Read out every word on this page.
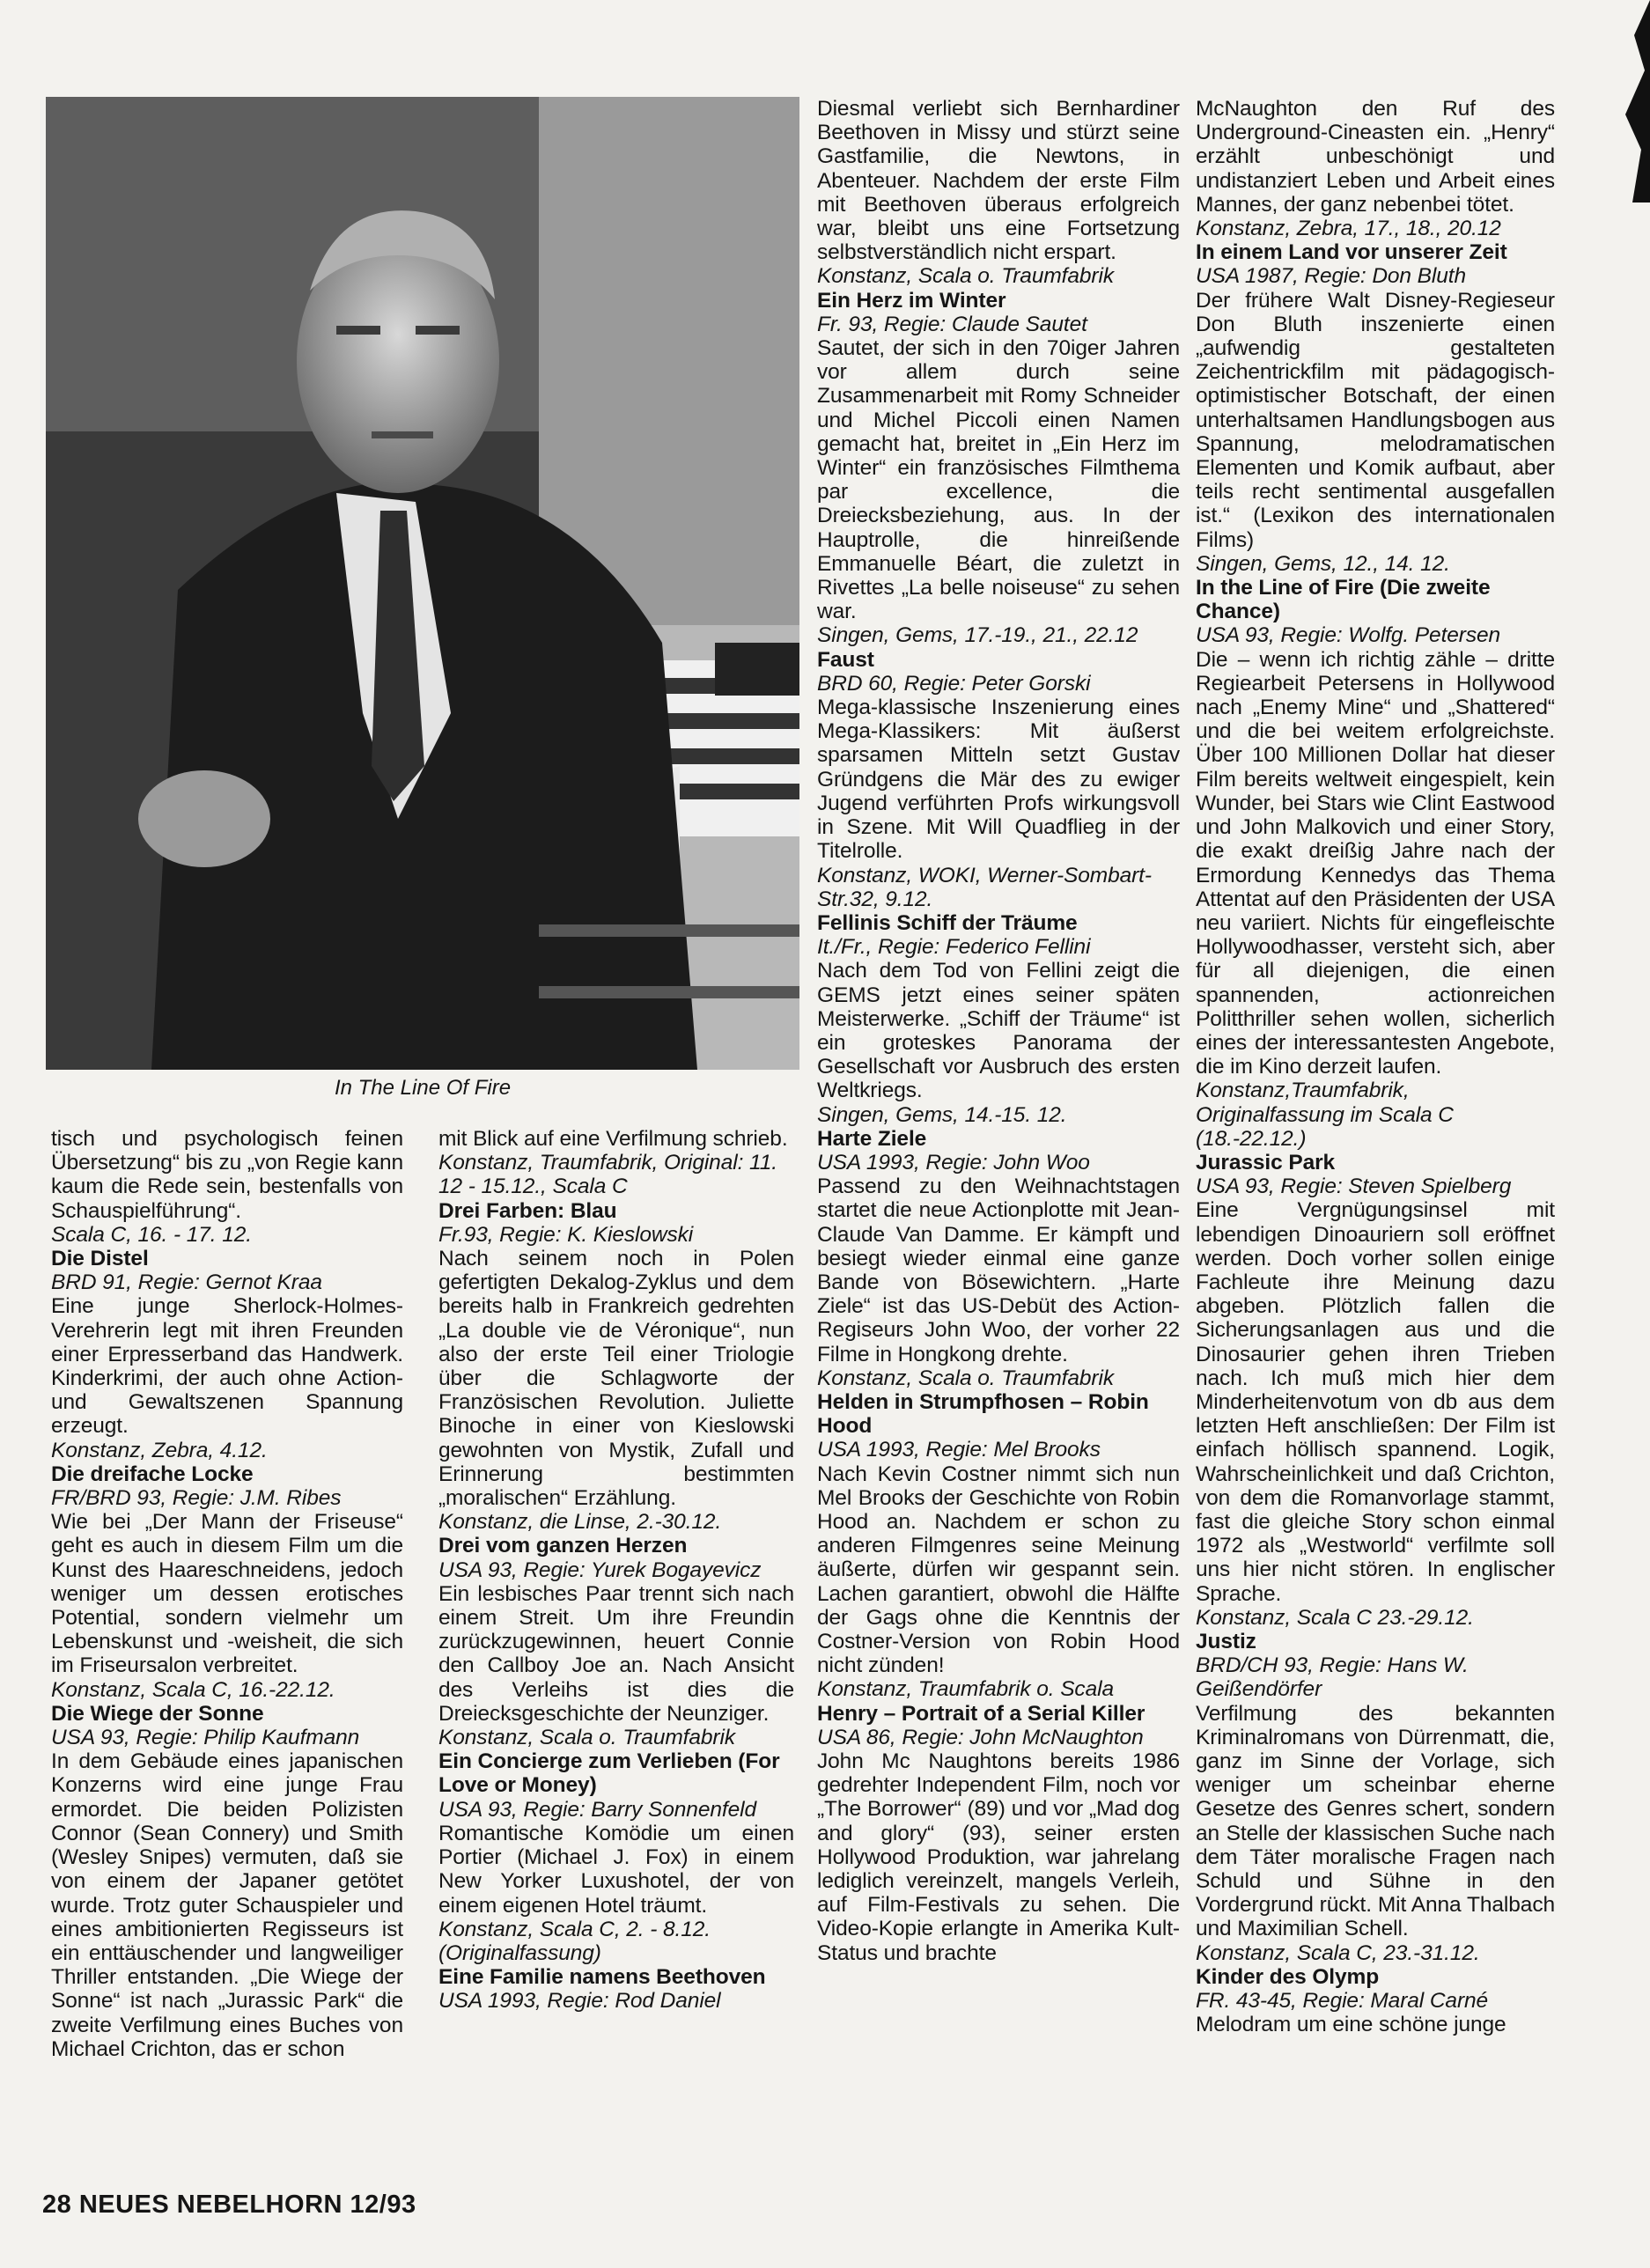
In The Line Of Fire

tisch und psychologisch feinen Übersetzung“ bis zu „von Regie kann kaum die Rede sein, bestenfalls von Schauspielführung“.

Scala C, 16. - 17. 12.

Die Distel

BRD 91, Regie: Gernot Kraa

Eine junge Sherlock-Holmes-Verehrerin legt mit ihren Freunden einer Erpresserband das Handwerk. Kinderkrimi, der auch ohne Action- und Gewaltszenen Spannung erzeugt.

Konstanz, Zebra, 4.12.

Die dreifache Locke

FR/BRD 93, Regie: J.M. Ribes

Wie bei „Der Mann der Friseuse“ geht es auch in diesem Film um die Kunst des Haareschneidens, jedoch weniger um dessen erotisches Potential, sondern vielmehr um Lebenskunst und -weisheit, die sich im Friseursalon verbreitet.

Konstanz, Scala C, 16.-22.12.

Die Wiege der Sonne

USA 93, Regie: Philip Kaufmann

In dem Gebäude eines japanischen Konzerns wird eine junge Frau ermordet. Die beiden Polizisten Connor (Sean Connery) und Smith (Wesley Snipes) vermuten, daß sie von einem der Japaner getötet wurde. Trotz guter Schauspieler und eines ambitionierten Regisseurs ist ein enttäuschender und langweiliger Thriller entstanden. „Die Wiege der Sonne“ ist nach „Jurassic Park“ die zweite Verfilmung eines Buches von Michael Crichton, das er schon

mit Blick auf eine Verfilmung schrieb.

Konstanz, Traumfabrik, Original: 11. 12 - 15.12., Scala C

Drei Farben: Blau

Fr.93, Regie: K. Kieslowski

Nach seinem noch in Polen gefertigten Dekalog-Zyklus und dem bereits halb in Frankreich gedrehten „La double vie de Véronique“, nun also der erste Teil einer Triologie über die Schlagworte der Französischen Revolution. Juliette Binoche in einer von Kieslowski gewohnten von Mystik, Zufall und Erinnerung bestimmten „moralischen“ Erzählung.

Konstanz, die Linse, 2.-30.12.

Drei vom ganzen Herzen

USA 93, Regie: Yurek Bogayevicz

Ein lesbisches Paar trennt sich nach einem Streit. Um ihre Freundin zurückzugewinnen, heuert Connie den Callboy Joe an. Nach Ansicht des Verleihs ist dies die Dreiecksgeschichte der Neunziger.

Konstanz, Scala o. Traumfabrik

Ein Concierge zum Verlieben (For Love or Money)

USA 93, Regie: Barry Sonnenfeld

Romantische Komödie um einen Portier (Michael J. Fox) in einem New Yorker Luxushotel, der von einem eigenen Hotel träumt.

Konstanz, Scala C, 2. - 8.12. (Originalfassung)

Eine Familie namens Beethoven

USA 1993, Regie: Rod Daniel

Diesmal verliebt sich Bernhardiner Beethoven in Missy und stürzt seine Gastfamilie, die Newtons, in Abenteuer. Nachdem der erste Film mit Beethoven überaus erfolgreich war, bleibt uns eine Fortsetzung selbstverständlich nicht erspart.

Konstanz, Scala o. Traumfabrik

Ein Herz im Winter

Fr. 93, Regie: Claude Sautet

Sautet, der sich in den 70iger Jahren vor allem durch seine Zusammenarbeit mit Romy Schneider und Michel Piccoli einen Namen gemacht hat, breitet in „Ein Herz im Winter“ ein französisches Filmthema par excellence, die Dreiecksbeziehung, aus. In der Hauptrolle, die hinreißende Emmanuelle Béart, die zuletzt in Rivettes „La belle noiseuse“ zu sehen war.

Singen, Gems, 17.-19., 21., 22.12

Faust

BRD 60, Regie: Peter Gorski

Mega-klassische Inszenierung eines Mega-Klassikers: Mit äußerst sparsamen Mitteln setzt Gustav Gründgens die Mär des zu ewiger Jugend verführten Profs wirkungsvoll in Szene. Mit Will Quadflieg in der Titelrolle.

Konstanz, WOKI, Werner-Sombart-Str.32, 9.12.

Fellinis Schiff der Träume

It./Fr., Regie: Federico Fellini

Nach dem Tod von Fellini zeigt die GEMS jetzt eines seiner späten Meisterwerke. „Schiff der Träume“ ist ein groteskes Panorama der Gesellschaft vor Ausbruch des ersten Weltkriegs.

Singen, Gems, 14.-15. 12.

Harte Ziele

USA 1993, Regie: John Woo

Passend zu den Weihnachtstagen startet die neue Actionplotte mit Jean-Claude Van Damme. Er kämpft und besiegt wieder einmal eine ganze Bande von Bösewichtern. „Harte Ziele“ ist das US-Debüt des Action-Regiseurs John Woo, der vorher 22 Filme in Hongkong drehte.

Konstanz, Scala o. Traumfabrik

Helden in Strumpfhosen – Robin Hood

USA 1993, Regie: Mel Brooks

Nach Kevin Costner nimmt sich nun Mel Brooks der Geschichte von Robin Hood an. Nachdem er schon zu anderen Filmgenres seine Meinung äußerte, dürfen wir gespannt sein. Lachen garantiert, obwohl die Hälfte der Gags ohne die Kenntnis der Costner-Version von Robin Hood nicht zünden!

Konstanz, Traumfabrik o. Scala

Henry – Portrait of a Serial Killer

USA 86, Regie: John McNaughton

John Mc Naughtons bereits 1986 gedrehter Independent Film, noch vor „The Borrower“ (89) und vor „Mad dog and glory“ (93), seiner ersten Hollywood Produktion, war jahrelang lediglich vereinzelt, mangels Verleih, auf Film-Festivals zu sehen. Die Video-Kopie erlangte in Amerika Kult-Status und brachte

McNaughton den Ruf des Underground-Cineasten ein. „Henry“ erzählt unbeschönigt und undistanziert Leben und Arbeit eines Mannes, der ganz nebenbei tötet.

Konstanz, Zebra, 17., 18., 20.12

In einem Land vor unserer Zeit

USA 1987, Regie: Don Bluth

Der frühere Walt Disney-Regieseur Don Bluth inszenierte einen „aufwendig gestalteten Zeichentrickfilm mit pädagogisch-optimistischer Botschaft, der einen unterhaltsamen Handlungsbogen aus Spannung, melodramatischen Elementen und Komik aufbaut, aber teils recht sentimental ausgefallen ist.“ (Lexikon des internationalen Films)

Singen, Gems, 12., 14. 12.

In the Line of Fire (Die zweite Chance)

USA 93, Regie: Wolfg. Petersen

Die – wenn ich richtig zähle – dritte Regiearbeit Petersens in Hollywood nach „Enemy Mine“ und „Shattered“ und die bei weitem erfolgreichste. Über 100 Millionen Dollar hat dieser Film bereits weltweit eingespielt, kein Wunder, bei Stars wie Clint Eastwood und John Malkovich und einer Story, die exakt dreißig Jahre nach der Ermordung Kennedys das Thema Attentat auf den Präsidenten der USA neu variiert. Nichts für eingefleischte Hollywoodhasser, versteht sich, aber für all diejenigen, die einen spannenden, actionreichen Politthriller sehen wollen, sicherlich eines der interessantesten Angebote, die im Kino derzeit laufen.

Konstanz,Traumfabrik, Originalfassung im Scala C (18.-22.12.)

Jurassic Park

USA 93, Regie: Steven Spielberg

Eine Vergnügungsinsel mit lebendigen Dinoauriern soll eröffnet werden. Doch vorher sollen einige Fachleute ihre Meinung dazu abgeben. Plötzlich fallen die Sicherungsanlagen aus und die Dinosaurier gehen ihren Trieben nach. Ich muß mich hier dem Minderheitenvotum von db aus dem letzten Heft anschließen: Der Film ist einfach höllisch spannend. Logik, Wahrscheinlichkeit und daß Crichton, von dem die Romanvorlage stammt, fast die gleiche Story schon einmal 1972 als „Westworld“ verfilmte soll uns hier nicht stören. In englischer Sprache.

Konstanz, Scala C 23.-29.12.

Justiz

BRD/CH 93, Regie: Hans W. Geißendörfer

Verfilmung des bekannten Kriminalromans von Dürrenmatt, die, ganz im Sinne der Vorlage, sich weniger um scheinbar eherne Gesetze des Genres schert, sondern an Stelle der klassischen Suche nach dem Täter moralische Fragen nach Schuld und Sühne in den Vordergrund rückt. Mit Anna Thalbach und Maximilian Schell.

Konstanz, Scala C, 23.-31.12.

Kinder des Olymp

FR. 43-45, Regie: Maral Carné

Melodram um eine schöne junge

28 NEUES NEBELHORN 12/93
